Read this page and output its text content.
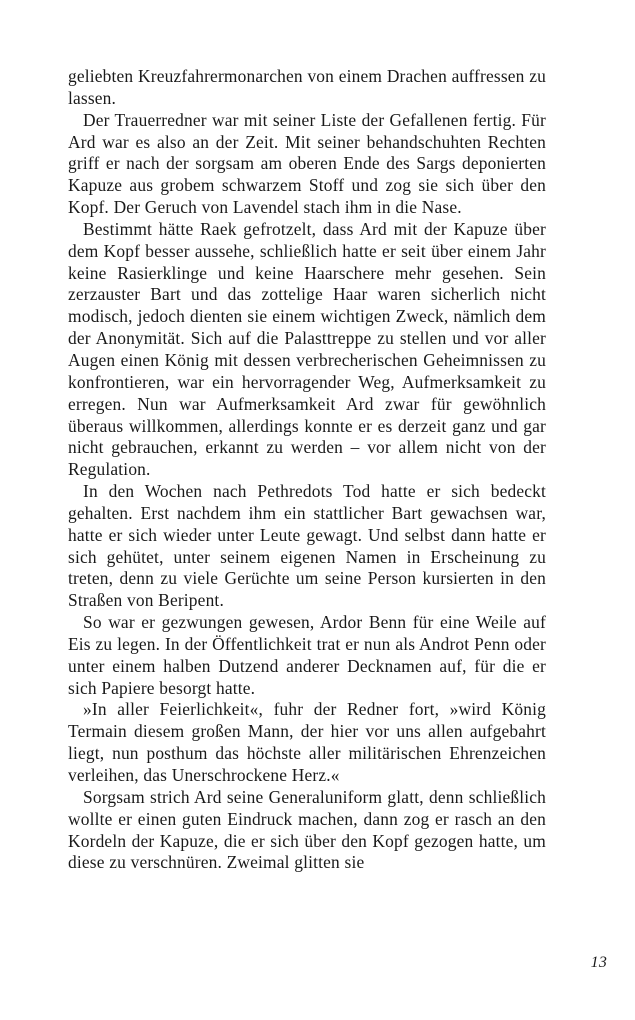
geliebten Kreuzfahrermonarchen von einem Drachen auffressen zu lassen.

Der Trauerredner war mit seiner Liste der Gefallenen fertig. Für Ard war es also an der Zeit. Mit seiner behandschuhten Rechten griff er nach der sorgsam am oberen Ende des Sargs deponierten Kapuze aus grobem schwarzem Stoff und zog sie sich über den Kopf. Der Geruch von Lavendel stach ihm in die Nase.

Bestimmt hätte Raek gefrotzelt, dass Ard mit der Kapuze über dem Kopf besser aussehe, schließlich hatte er seit über einem Jahr keine Rasierklinge und keine Haarschere mehr gesehen. Sein zerzauster Bart und das zottelige Haar waren sicherlich nicht modisch, jedoch dienten sie einem wichtigen Zweck, nämlich dem der Anonymität. Sich auf die Palasttreppe zu stellen und vor aller Augen einen König mit dessen verbrecherischen Geheimnissen zu konfrontieren, war ein hervorragender Weg, Aufmerksamkeit zu erregen. Nun war Aufmerksamkeit Ard zwar für gewöhnlich überaus willkommen, allerdings konnte er es derzeit ganz und gar nicht gebrauchen, erkannt zu werden – vor allem nicht von der Regulation.

In den Wochen nach Pethredots Tod hatte er sich bedeckt gehalten. Erst nachdem ihm ein stattlicher Bart gewachsen war, hatte er sich wieder unter Leute gewagt. Und selbst dann hatte er sich gehütet, unter seinem eigenen Namen in Erscheinung zu treten, denn zu viele Gerüchte um seine Person kursierten in den Straßen von Beripent.

So war er gezwungen gewesen, Ardor Benn für eine Weile auf Eis zu legen. In der Öffentlichkeit trat er nun als Androt Penn oder unter einem halben Dutzend anderer Decknamen auf, für die er sich Papiere besorgt hatte.

»In aller Feierlichkeit«, fuhr der Redner fort, »wird König Termain diesem großen Mann, der hier vor uns allen aufgebahrt liegt, nun posthum das höchste aller militärischen Ehrenzeichen verleihen, das Unerschrockene Herz.«

Sorgsam strich Ard seine Generaluniform glatt, denn schließlich wollte er einen guten Eindruck machen, dann zog er rasch an den Kordeln der Kapuze, die er sich über den Kopf gezogen hatte, um diese zu verschnüren. Zweimal glitten sie

13
